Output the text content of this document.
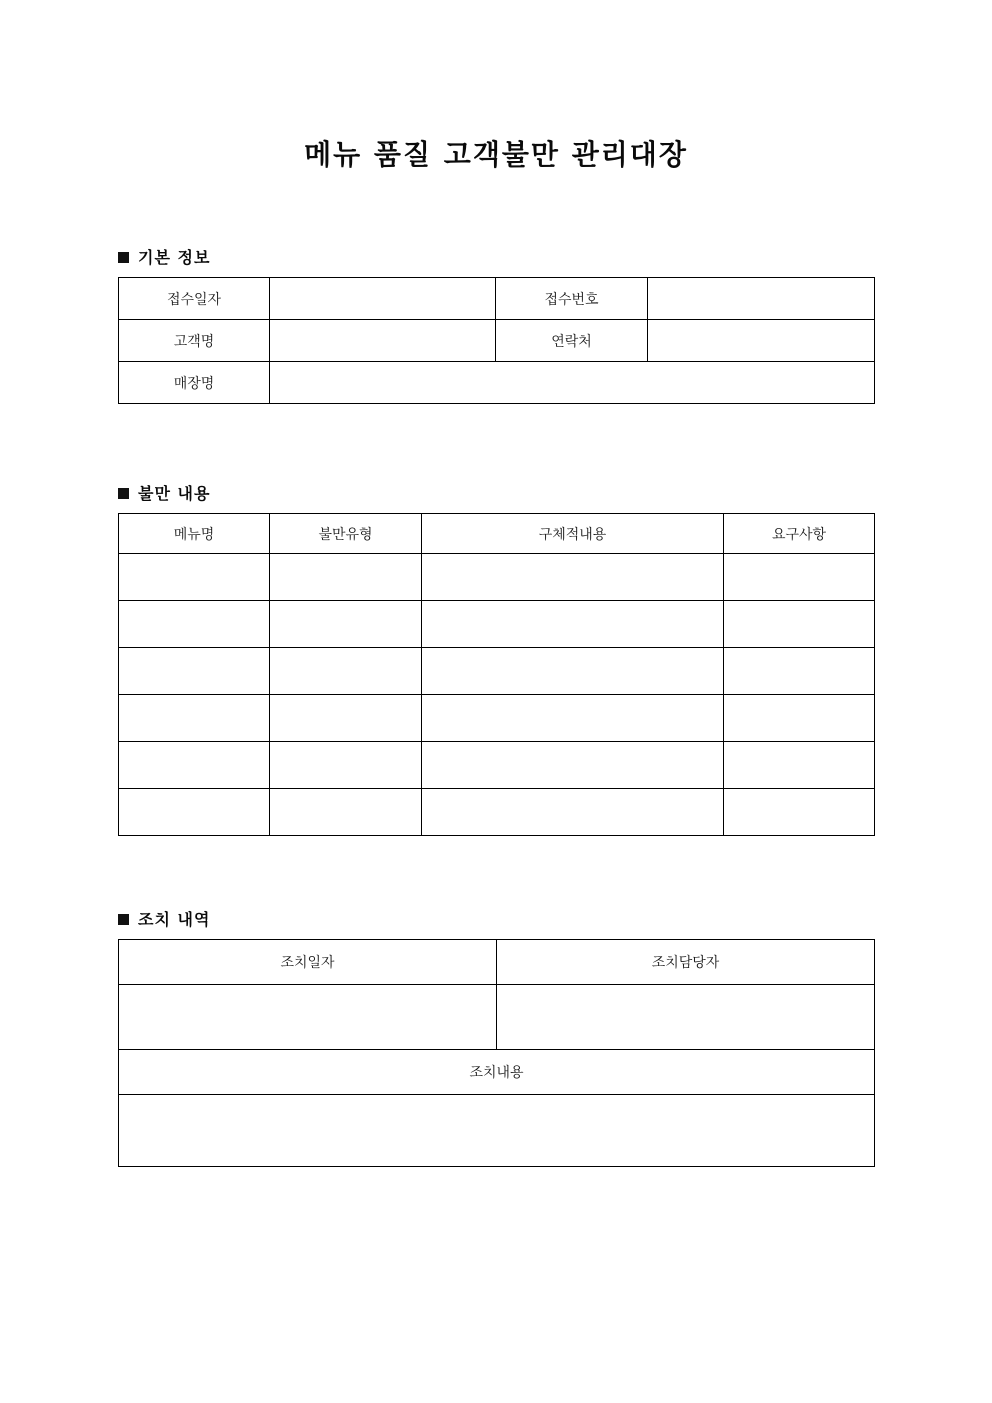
메뉴 품질 고객불만 관리대장
기본 정보
접수일자		접수번호	
고객명		연락처	
매장명			
불만 내용
메뉴명	불만유형	구체적내용	요구사항

조치 내역
조치일자	조치담당자

조치내용	
